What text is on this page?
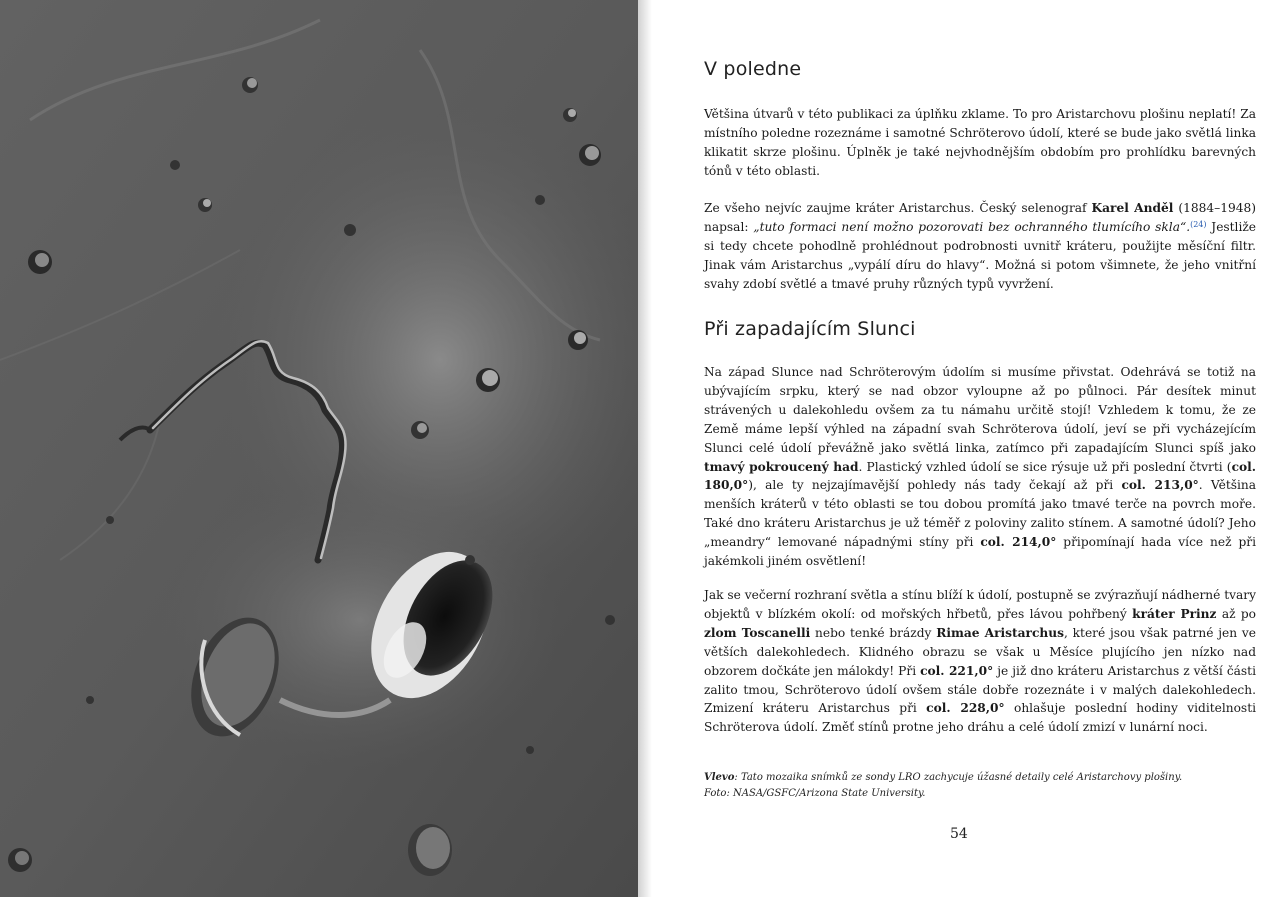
V poledne

Většina útvarů v této publikaci za úplňku zklame. To pro Aristarchovu plošinu neplatí! Za místního poledne rozeznáme i samotné Schröterovo údolí, které se bude jako světlá linka klikatit skrze plošinu. Úplněk je také nejvhodnějším obdobím pro prohlídku barevných tónů v této oblasti.

Ze všeho nejvíc zaujme kráter Aristarchus. Český selenograf Karel Anděl (1884–1948) napsal: „tuto formaci není možno pozorovati bez ochranného tlumícího skla“.$^{(24)}$ Jestliže si tedy chcete pohodlně prohlédnout podrobnosti uvnitř kráteru, použijte měsíční filtr. Jinak vám Aristarchus „vypálí díru do hlavy“. Možná si potom všimnete, že jeho vnitřní svahy zdobí světlé a tmavé pruhy různých typů vyvržení.

Při zapadajícím Slunci

Na západ Slunce nad Schröterovým údolím si musíme přivstat. Odehrává se totiž na ubývajícím srpku, který se nad obzor vyloupne až po půlnoci. Pár desítek minut strávených u dalekohledu ovšem za tu námahu určitě stojí! Vzhledem k tomu, že ze Země máme lepší výhled na západní svah Schröterova údolí, jeví se při vycházejícím Slunci celé údolí převážně jako světlá linka, zatímco při zapadajícím Slunci spíš jako tmavý pokroucený had. Plastický vzhled údolí se sice rýsuje už při poslední čtvrti (col. 180,0°), ale ty nejzajímavější pohledy nás tady čekají až při col. 213,0°. Většina menších kráterů v této oblasti se tou dobou promítá jako tmavé terče na povrch moře. Také dno kráteru Aristarchus je už téměř z poloviny zalito stínem. A samotné údolí? Jeho „meandry“ lemované nápadnými stíny při col. 214,0° připomínají hada více než při jakémkoli jiném osvětlení!

Jak se večerní rozhraní světla a stínu blíží k údolí, postupně se zvýrazňují nádherné tvary objektů v blízkém okolí: od mořských hřbetů, přes lávou pohřbený kráter Prinz až po zlom Toscanelli nebo tenké brázdy Rimae Aristarchus, které jsou však patrné jen ve větších dalekohledech. Klidného obrazu se však u Měsíce plujícího jen nízko nad obzorem dočkáte jen málokdy! Při col. 221,0° je již dno kráteru Aristarchus z větší části zalito tmou, Schröterovo údolí ovšem stále dobře rozeznáte i v malých dalekohledech. Zmizení kráteru Aristarchus při col. 228,0° ohlašuje poslední hodiny viditelnosti Schröterova údolí. Změť stínů protne jeho dráhu a celé údolí zmizí v lunární noci.

Vlevo: Tato mozaika snímků ze sondy LRO zachycuje úžasné detaily celé Aristarchovy plošiny.
Foto: NASA/GSFC/Arizona State University.

54
